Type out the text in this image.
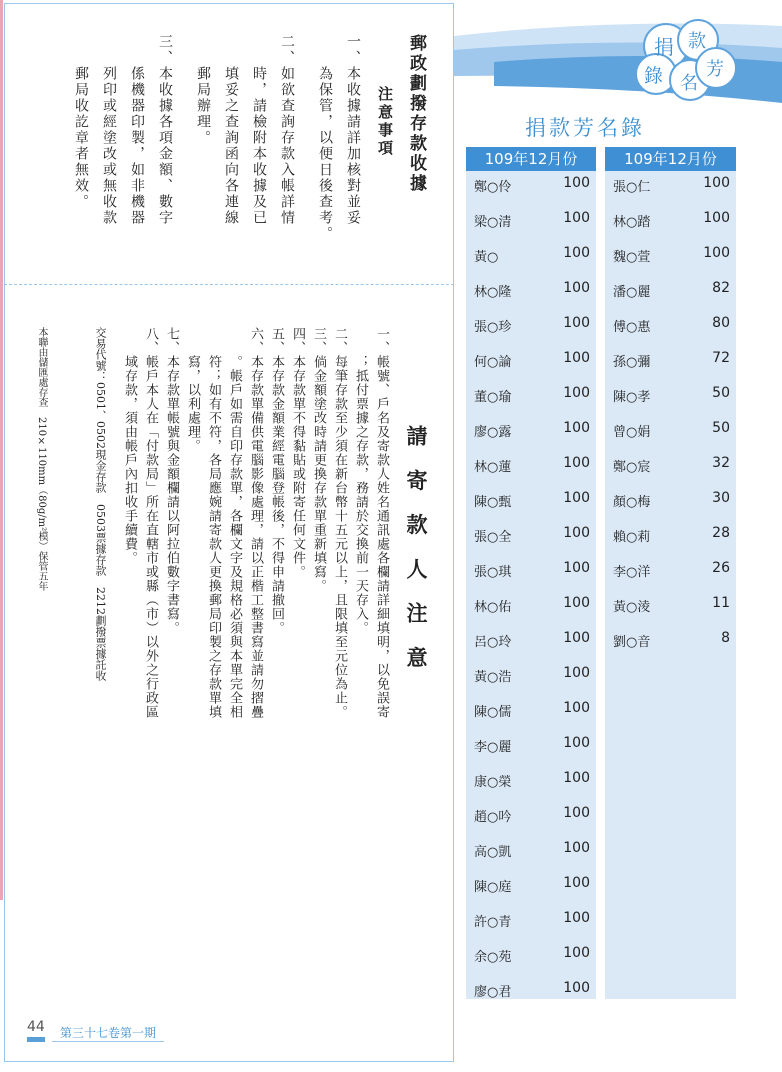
郵政劃撥存款收據
注意事項
一、本收據請詳加核對並妥
　　為保管，以便日後查考。
二、如欲查詢存款入帳詳情
　　時，請檢附本收據及已
　　填妥之查詢函向各連線
　　郵局辦理。
三、本收據各項金額、數字
　　係機器印製，如非機器
　　列印或經塗改或無收款
　　郵局收訖章者無效。
請 寄 款 人 注 意
一、帳號、戶名及寄款人姓名通訊處各欄請詳細填明，以免誤寄
　　；抵付票據之存款，務請於交換前一天存入。
二、每筆存款至少須在新台幣十五元以上，且限填至元位為止。
三、倘金額塗改時請更換存款單重新填寫。
四、本存款單不得黏貼或附寄任何文件。
五、本存款金額業經電腦登帳後，不得申請撤回。
六、本存款單備供電腦影像處理，請以正楷工整書寫並請勿摺疊
　　。帳戶如需自印存款單，各欄文字及規格必須與本單完全相
　　符；如有不符，各局應婉請寄款人更換郵局印製之存款單填
　　寫，以利處理。
七、本存款單帳號與金額欄請以阿拉伯數字書寫。
八、帳戶本人在「付款局」所在直轄市或縣（市）以外之行政區
　　域存款，須由帳戶內扣收手續費。
交易代號：0501、0502現金存款　0503票據存款　2212劃撥票據託收
本聯由儲匯處存查　210×110mm（80g/m²模）保管五年
捐 款
錄 名
芳
捐款芳名錄
109年12月份
鄭○伶	100
梁○清	100
黃○	100
林○隆	100
張○珍	100
何○論	100
董○瑜	100
廖○露	100
林○蓮	100
陳○甄	100
張○全	100
張○琪	100
林○佑	100
呂○玲	100
黃○浩	100
陳○儒	100
李○麗	100
康○榮	100
趙○吟	100
高○凱	100
陳○庭	100
許○青	100
余○苑	100
廖○君	100
109年12月份
張○仁	100
林○踏	100
魏○萱	100
潘○麗	82
傅○惠	80
孫○彌	72
陳○孝	50
曾○娟	50
鄭○宸	32
顏○梅	30
賴○莉	28
李○洋	26
黃○淩	11
劉○音	8
44 第三十七卷第一期
